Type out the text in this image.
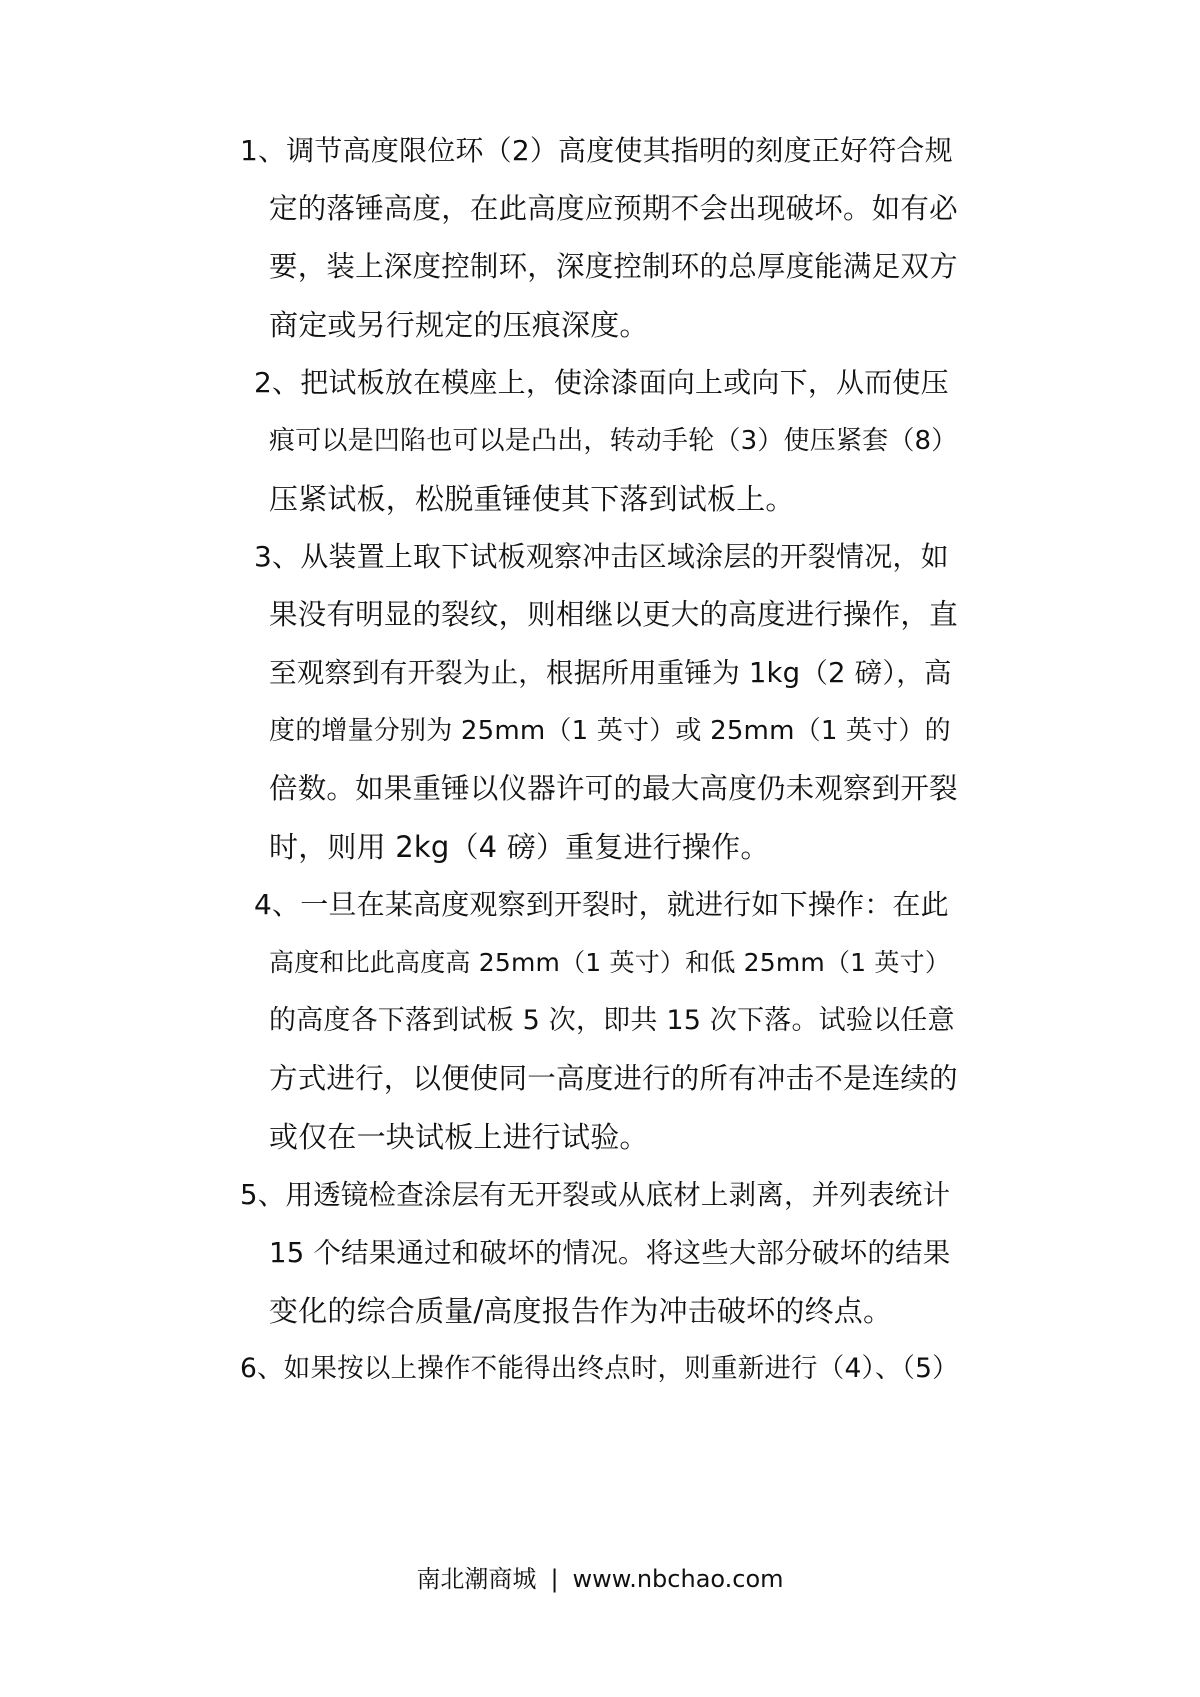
1、调节高度限位环（2）高度使其指明的刻度正好符合规
定的落锤高度，在此高度应预期不会出现破坏。如有必
要，装上深度控制环，深度控制环的总厚度能满足双方
商定或另行规定的压痕深度。
2、把试板放在模座上，使涂漆面向上或向下，从而使压
痕可以是凹陷也可以是凸出，转动手轮（3）使压紧套（8）
压紧试板，松脱重锤使其下落到试板上。
3、从装置上取下试板观察冲击区域涂层的开裂情况，如
果没有明显的裂纹，则相继以更大的高度进行操作，直
至观察到有开裂为止，根据所用重锤为 1kg（2 磅），高
度的增量分别为 25mm（1 英寸）或 25mm（1 英寸）的
倍数。如果重锤以仪器许可的最大高度仍未观察到开裂
时，则用 2kg（4 磅）重复进行操作。
4、一旦在某高度观察到开裂时，就进行如下操作：在此
高度和比此高度高 25mm（1 英寸）和低 25mm（1 英寸）
的高度各下落到试板 5 次，即共 15 次下落。试验以任意
方式进行，以便使同一高度进行的所有冲击不是连续的
或仅在一块试板上进行试验。
5、用透镜检查涂层有无开裂或从底材上剥离，并列表统计
15 个结果通过和破坏的情况。将这些大部分破坏的结果
变化的综合质量/高度报告作为冲击破坏的终点。
6、如果按以上操作不能得出终点时，则重新进行（4）、（5）
南北潮商城 | www.nbchao.com
